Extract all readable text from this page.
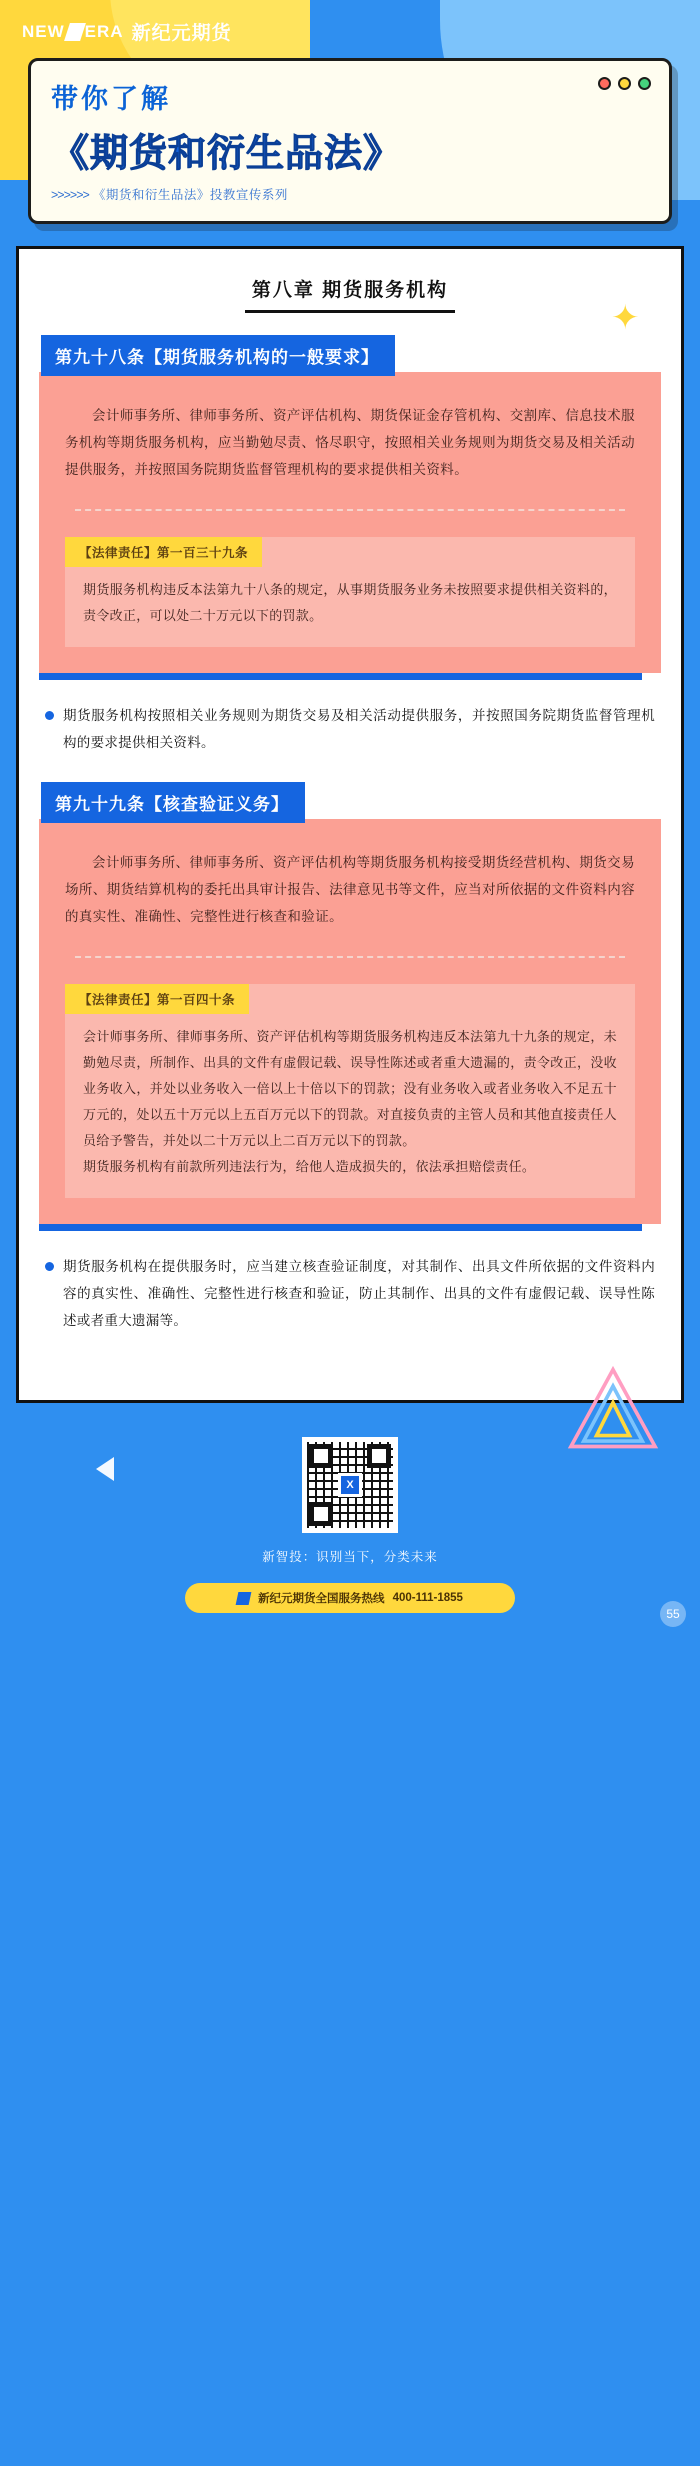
NEW ERA 新纪元期货
带你了解
《期货和衍生品法》
>>>>>> 《期货和衍生品法》投教宣传系列
✦
第八章 期货服务机构
第九十八条【期货服务机构的一般要求】

会计师事务所、律师事务所、资产评估机构、期货保证金存管机构、交割库、信息技术服务机构等期货服务机构，应当勤勉尽责、恪尽职守，按照相关业务规则为期货交易及相关活动提供服务，并按照国务院期货监督管理机构的要求提供相关资料。

【法律责任】第一百三十九条

期货服务机构违反本法第九十八条的规定，从事期货服务业务未按照要求提供相关资料的，责令改正，可以处二十万元以下的罚款。

期货服务机构按照相关业务规则为期货交易及相关活动提供服务，并按照国务院期货监督管理机构的要求提供相关资料。
第九十九条【核查验证义务】

会计师事务所、律师事务所、资产评估机构等期货服务机构接受期货经营机构、期货交易场所、期货结算机构的委托出具审计报告、法律意见书等文件，应当对所依据的文件资料内容的真实性、准确性、完整性进行核查和验证。

【法律责任】第一百四十条

会计师事务所、律师事务所、资产评估机构等期货服务机构违反本法第九十九条的规定，未勤勉尽责，所制作、出具的文件有虚假记载、误导性陈述或者重大遗漏的，责令改正，没收业务收入，并处以业务收入一倍以上十倍以下的罚款；没有业务收入或者业务收入不足五十万元的，处以五十万元以上五百万元以下的罚款。对直接负责的主管人员和其他直接责任人员给予警告，并处以二十万元以上二百万元以下的罚款。

期货服务机构有前款所列违法行为，给他人造成损失的，依法承担赔偿责任。

期货服务机构在提供服务时，应当建立核查验证制度，对其制作、出具文件所依据的文件资料内容的真实性、准确性、完整性进行核查和验证，防止其制作、出具的文件有虚假记载、误导性陈述或者重大遗漏等。
X
新智投：识别当下，分类未来
新纪元期货全国服务热线 400-111-1855
55
